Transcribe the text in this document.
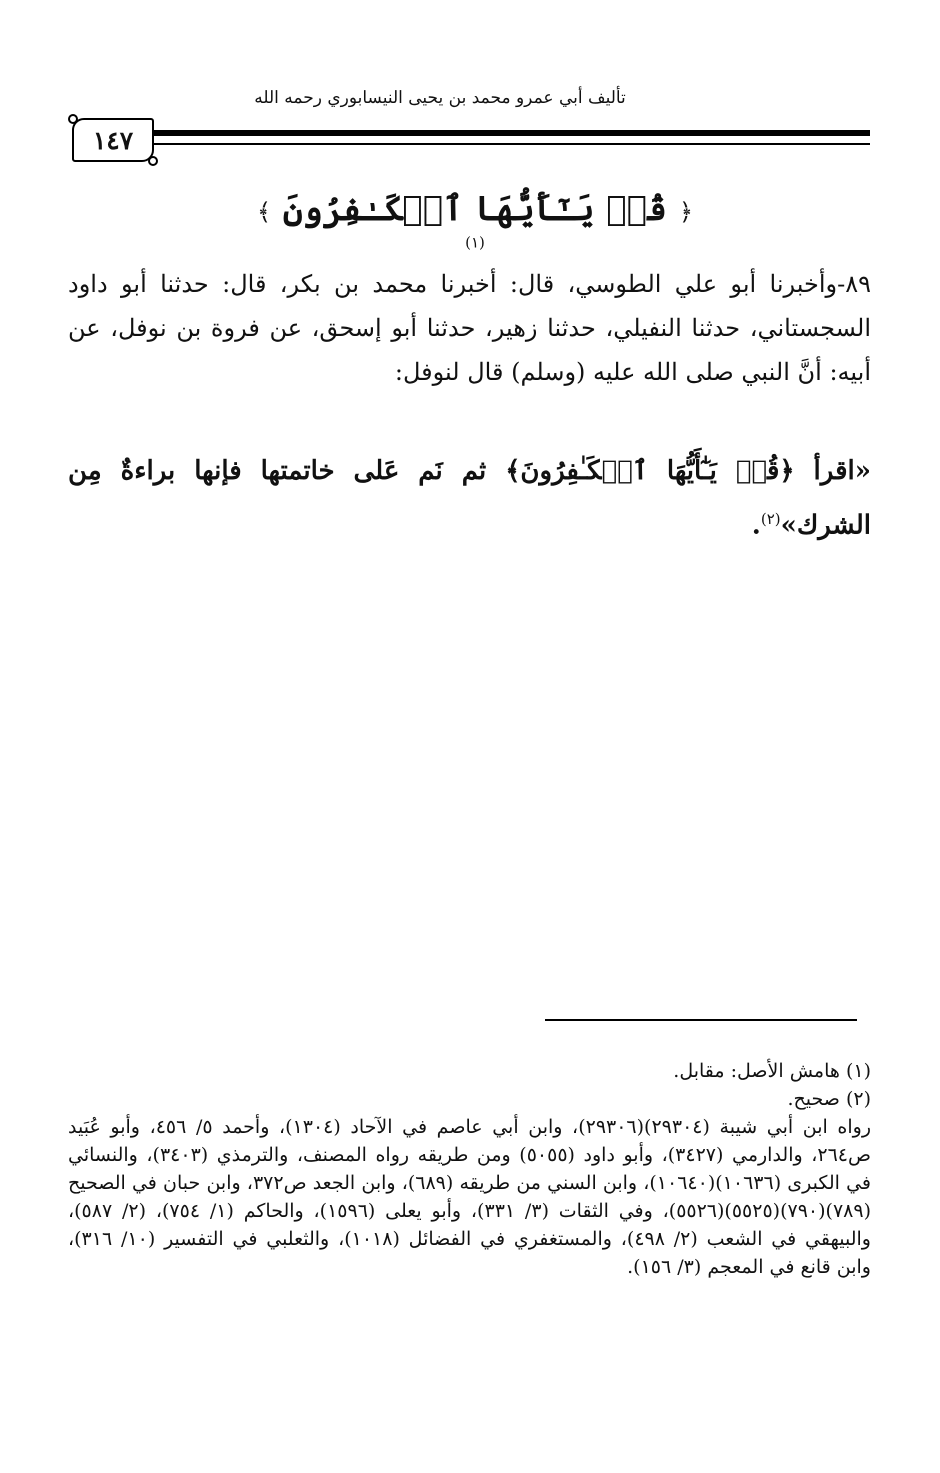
تأليف أبي عمرو محمد بن يحيى النيسابوري رحمه الله
١٤٧
﴿ قُلۡ يَـٰٓأَيُّهَا ٱلۡكَـٰفِرُونَ ﴾$^{(١)}$
٨٩-وأخبرنا أبو علي الطوسي، قال: أخبرنا محمد بن بكر، قال: حدثنا أبو داود السجستاني، حدثنا النفيلي، حدثنا زهير، حدثنا أبو إسحق، عن فروة بن نوفل، عن أبيه: أنَّ النبي صلى الله عليه (وسلم) قال لنوفل:
«اقرأ ﴿قُلۡ يَـٰٓأَيُّهَا ٱلۡكَـٰفِرُونَ﴾ ثم نَم عَلى خاتمتها فإنها براءةٌ مِن الشرك»$^{(٢)}$.
(١) هامش الأصل: مقابل.
(٢) صحيح.
رواه ابن أبي شيبة (٢٩٣٠٤)(٢٩٣٠٦)، وابن أبي عاصم في الآحاد (١٣٠٤)، وأحمد ٥/ ٤٥٦، وأبو عُبَيد ص٢٦٤، والدارمي (٣٤٢٧)، وأبو داود (٥٠٥٥) ومن طريقه رواه المصنف، والترمذي (٣٤٠٣)، والنسائي في الكبرى (١٠٦٣٦)(١٠٦٤٠)، وابن السني من طريقه (٦٨٩)، وابن الجعد ص٣٧٢، وابن حبان في الصحيح (٧٨٩)(٧٩٠)(٥٥٢٥)(٥٥٢٦)، وفي الثقات (٣/ ٣٣١)، وأبو يعلى (١٥٩٦)، والحاكم (١/ ٧٥٤)، (٢/ ٥٨٧)، والبيهقي في الشعب (٢/ ٤٩٨)، والمستغفري في الفضائل (١٠١٨)، والثعلبي في التفسير (١٠/ ٣١٦)، وابن قانع في المعجم (٣/ ١٥٦).
